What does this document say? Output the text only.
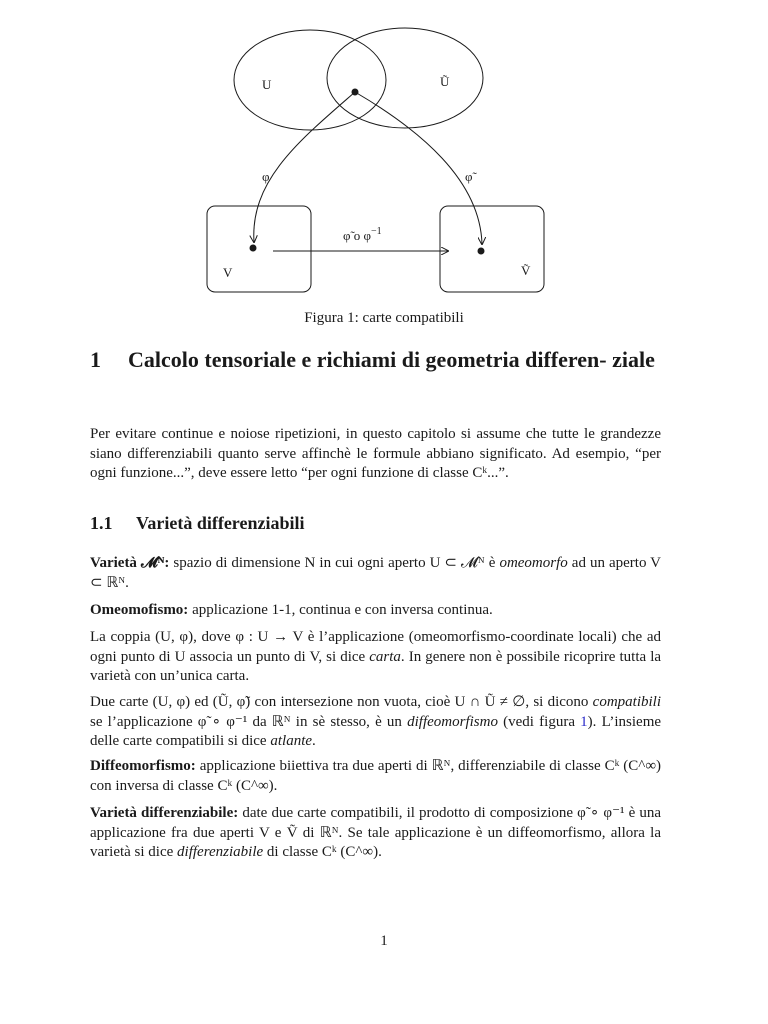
U	Ũ
φ	φ̃
φ̃ o $\varphi^{-1}$
V	Ṽ
Figura 1: carte compatibili
1 Calcolo tensoriale e richiami di geometria differen- ziale
Per evitare continue e noiose ripetizioni, in questo capitolo si assume che tutte le grandezze siano differenziabili quanto serve affinchè le formule abbiano significato. Ad esempio, “per ogni funzione...”, deve essere letto “per ogni funzione di classe Cᵏ...”.
1.1 Varietà differenziabili
Varietà 𝓜ᴺ: spazio di dimensione N in cui ogni aperto U ⊂ 𝓜ᴺ è omeomorfo ad un aperto V ⊂ ℝᴺ.
Omeomofismo: applicazione 1-1, continua e con inversa continua.
La coppia (U, φ), dove φ : U → V è l’applicazione (omeomorfismo-coordinate locali) che ad ogni punto di U associa un punto di V, si dice carta. In genere non è possibile ricoprire tutta la varietà con un’unica carta.
Due carte (U, φ) ed (Ũ, φ̃) con intersezione non vuota, cioè U ∩ Ũ ≠ ∅, si dicono compatibili se l’applicazione φ̃ ∘ φ⁻¹ da ℝᴺ in sè stesso, è un diffeomorfismo (vedi figura 1). L’insieme delle carte compatibili si dice atlante.
Diffeomorfismo: applicazione biiettiva tra due aperti di ℝᴺ, differenziabile di classe Cᵏ (C^∞) con inversa di classe Cᵏ (C^∞).
Varietà differenziabile: date due carte compatibili, il prodotto di composizione φ̃ ∘ φ⁻¹ è una applicazione fra due aperti V e Ṽ di ℝᴺ. Se tale applicazione è un diffeomorfismo, allora la varietà si dice differenziabile di classe Cᵏ (C^∞).
1
